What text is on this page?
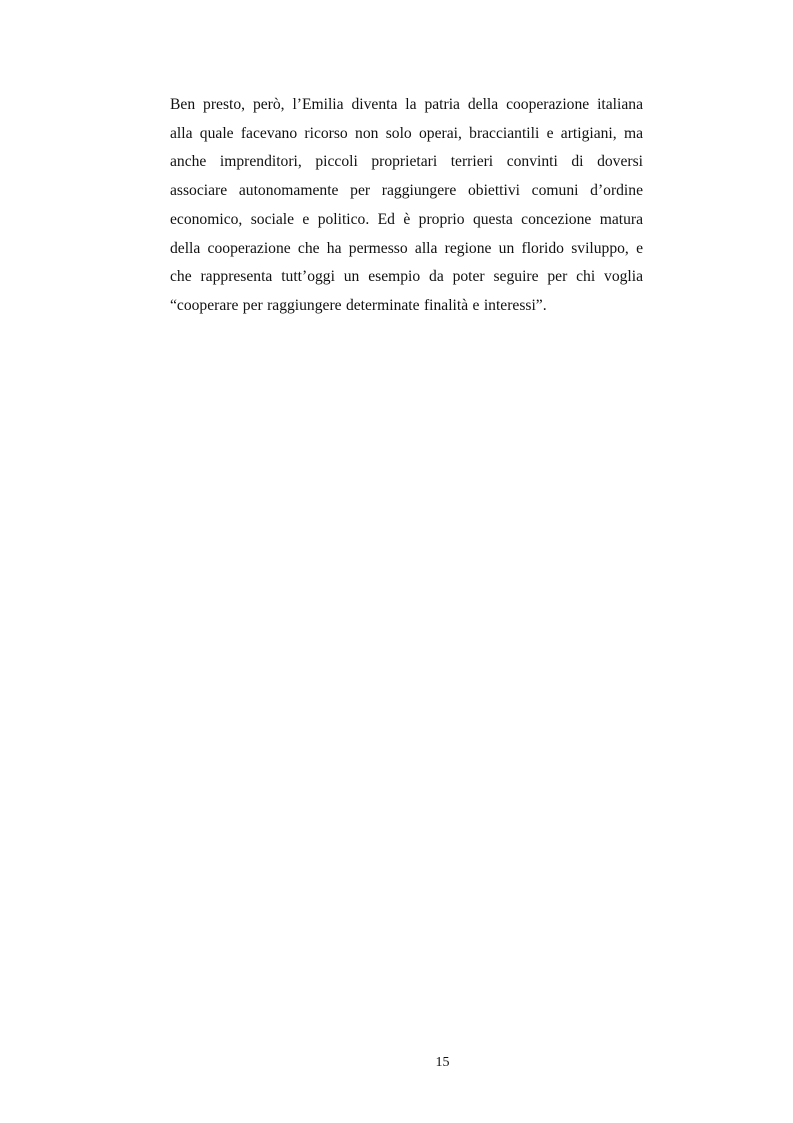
Ben presto, però, l’Emilia diventa la patria della cooperazione italiana
alla quale facevano ricorso non solo operai, bracciantili e artigiani, ma
anche imprenditori, piccoli proprietari terrieri convinti di doversi
associare autonomamente per raggiungere obiettivi comuni d’ordine
economico, sociale e politico. Ed è proprio questa concezione matura
della cooperazione che ha permesso alla regione un florido sviluppo, e
che rappresenta tutt’oggi un esempio da poter seguire per chi voglia
“cooperare per raggiungere determinate finalità e interessi”.

15
